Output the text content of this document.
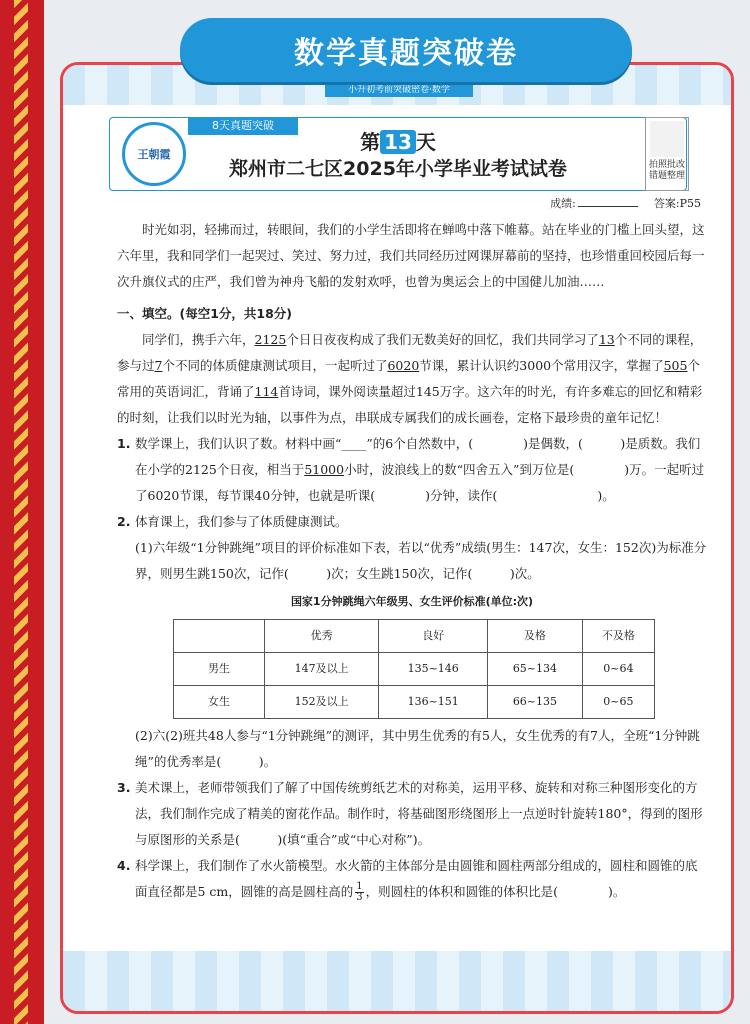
小升初考前突破密卷·数学
王朝霞
8天真题突破
第 13 天
郑州市二七区2025年小学毕业考试试卷	拍照批改
错题整理
成绩:	答案:P55

时光如羽，轻拂而过，转眼间，我们的小学生活即将在蝉鸣中落下帷幕。站在毕业的门槛上回头望，这六年里，我和同学们一起哭过、笑过、努力过，我们共同经历过网课屏幕前的坚持，也珍惜重回校园后每一次升旗仪式的庄严，我们曾为神舟飞船的发射欢呼，也曾为奥运会上的中国健儿加油……

一、填空。(每空1分，共18分)

同学们，携手六年，2125个日日夜夜构成了我们无数美好的回忆，我们共同学习了13个不同的课程，参与过7个不同的体质健康测试项目，一起听过了6020节课，累计认识约3000个常用汉字，掌握了505个常用的英语词汇，背诵了114首诗词，课外阅读量超过145万字。这六年的时光，有许多难忘的回忆和精彩的时刻，让我们以时光为轴，以事件为点，串联成专属我们的成长画卷，定格下最珍贵的童年记忆！

1. 数学课上，我们认识了数。材料中画“____”的6个自然数中，(　　　　)是偶数，(　　　)是质数。我们在小学的2125个日夜，相当于51000小时，波浪线上的数“四舍五入”到万位是(　　　　)万。一起听过了6020节课，每节课40分钟，也就是听课(　　　　)分钟，读作(　　　　　　　　)。
2. 体育课上，我们参与了体质健康测试。
(1)六年级“1分钟跳绳”项目的评价标准如下表，若以“优秀”成绩(男生：147次，女生：152次)为标准分界，则男生跳150次，记作(　　　)次；女生跳150次，记作(　　　)次。
国家1分钟跳绳六年级男、女生评价标准(单位:次)
	优秀	良好	及格	不及格
男生	147及以上	135~146	65~134	0~64
女生	152及以上	136~151	66~135	0~65
(2)六(2)班共48人参与“1分钟跳绳”的测评，其中男生优秀的有5人，女生优秀的有7人，全班“1分钟跳绳”的优秀率是(　　　)。
3. 美术课上，老师带领我们了解了中国传统剪纸艺术的对称美，运用平移、旋转和对称三种图形变化的方法，我们制作完成了精美的窗花作品。制作时，将基础图形绕图形上一点逆时针旋转180°，得到的图形与原图形的关系是(　　　)(填“重合”或“中心对称”)。
4. 科学课上，我们制作了水火箭模型。水火箭的主体部分是由圆锥和圆柱两部分组成的，圆柱和圆锥的底面直径都是5 cm，圆锥的高是圆柱高的 $\frac{1}{3}$ ，则圆柱的体积和圆锥的体积比是(　　　　)。
数学真题突破卷
